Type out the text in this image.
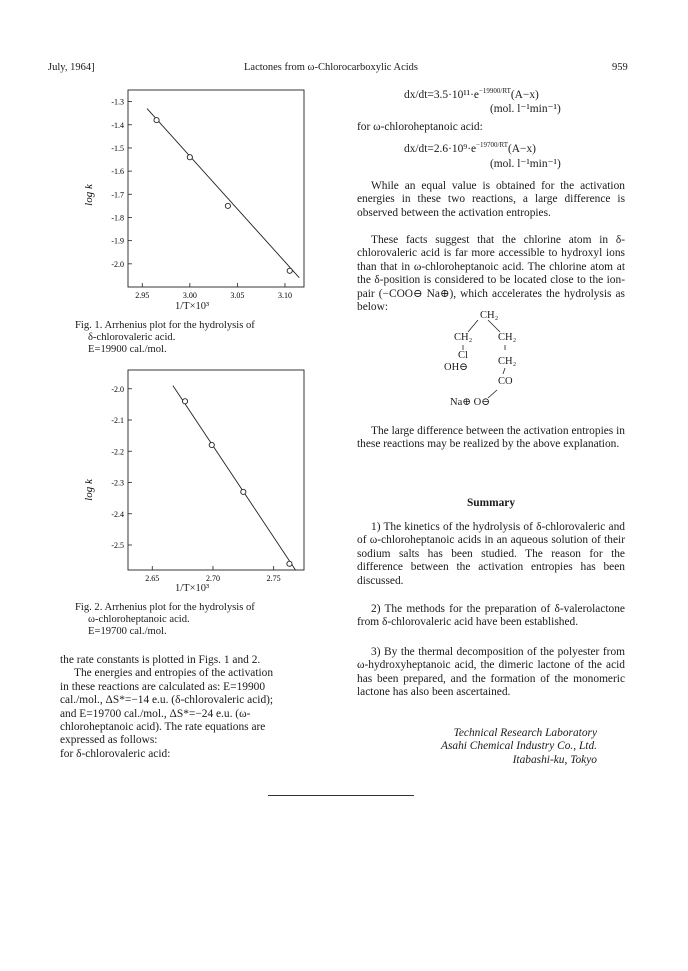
July, 1964]	Lactones from ω-Chlorocarboxylic Acids	959
-1.3
-1.4
-1.5
-1.6
-1.7
-1.8
-1.9
-2.0
2.95	3.00	3.05	3.10
log k
1/T×10³
Fig. 1. Arrhenius plot for the hydrolysis of
δ-chlorovaleric acid.
E=19900 cal./mol.
-2.0
-2.1
-2.2
-2.3
-2.4
-2.5
2.65	2.70	2.75
log k
1/T×10³
Fig. 2. Arrhenius plot for the hydrolysis of
ω-chloroheptanoic acid.
E=19700 cal./mol.
the rate constants is plotted in Figs. 1 and 2.
The energies and entropies of the activation
in these reactions are calculated as: E=19900
cal./mol., ΔS*=−14 e.u. (δ-chlorovaleric acid);
and E=19700 cal./mol., ΔS*=−24 e.u. (ω-
chloroheptanoic acid). The rate equations are
expressed as follows:
for δ-chlorovaleric acid:
$dx/dt=3.5\cdot 10^{11}\cdot e^{-19900/RT}(A-x)$
(mol. l⁻¹min⁻¹)
for ω-chloroheptanoic acid:
$dx/dt=2.6\cdot 10^9\cdot e^{-19700/RT}(A-x)$
(mol. l⁻¹min⁻¹)

While an equal value is obtained for the activation energies in these two reactions, a large difference is observed between the activation entropies.

These facts suggest that the chlorine atom in δ-chlorovaleric acid is far more accessible to hydroxyl ions than that in ω-chloroheptanoic acid. The chlorine atom at the δ-position is considered to be located close to the ion-pair (−COO⊖ Na⊕), which accelerates the hydrolysis as below:

CH₂
CH₂ CH₂
Cl
CH₂
OH⊖
CO
Na⊕ O⊖

The large difference between the activation entropies in these reactions may be realized by the above explanation.

Summary

1) The kinetics of the hydrolysis of δ-chlorovaleric and of ω-chloroheptanoic acids in an aqueous solution of their sodium salts has been studied. The reason for the difference between the activation entropies has been discussed.

2) The methods for the preparation of δ-valerolactone from δ-chlorovaleric acid have been established.

3) By the thermal decomposition of the polyester from ω-hydroxyheptanoic acid, the dimeric lactone of the acid has been prepared, and the formation of the monomeric lactone has also been ascertained.

Technical Research Laboratory
Asahi Chemical Industry Co., Ltd.
Itabashi-ku, Tokyo
